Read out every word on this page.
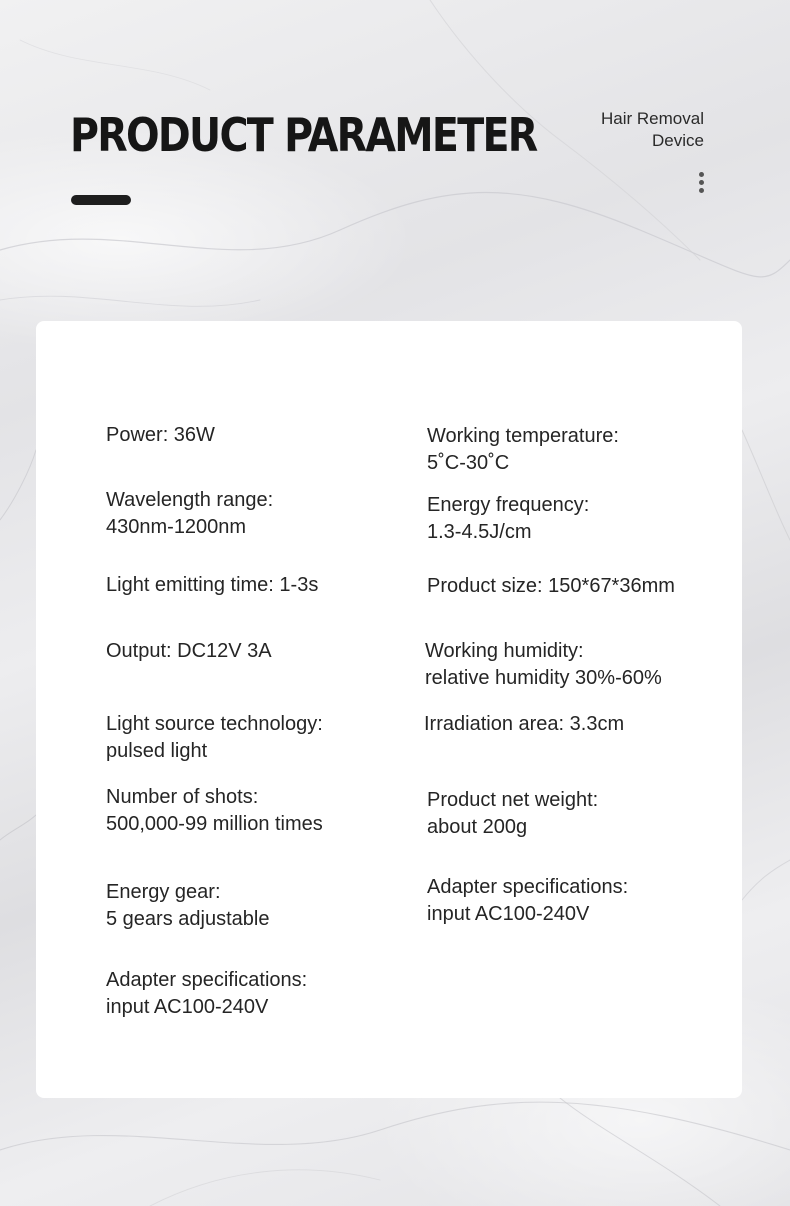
PRODUCT PARAMETER	Hair Removal
Device

Power: 36W

Wavelength range:
430nm-1200nm

Light emitting time: 1-3s

Output: DC12V 3A

Light source technology:
pulsed light

Number of shots:
500,000-99 million times

Energy gear:
5 gears adjustable

Adapter specifications:
input AC100-240V

Working temperature:
5˚C-30˚C

Energy frequency:
1.3-4.5J/cm

Product size: 150*67*36mm

Working humidity:
relative humidity 30%-60%

Irradiation area: 3.3cm

Product net weight:
about 200g

Adapter specifications:
input AC100-240V
